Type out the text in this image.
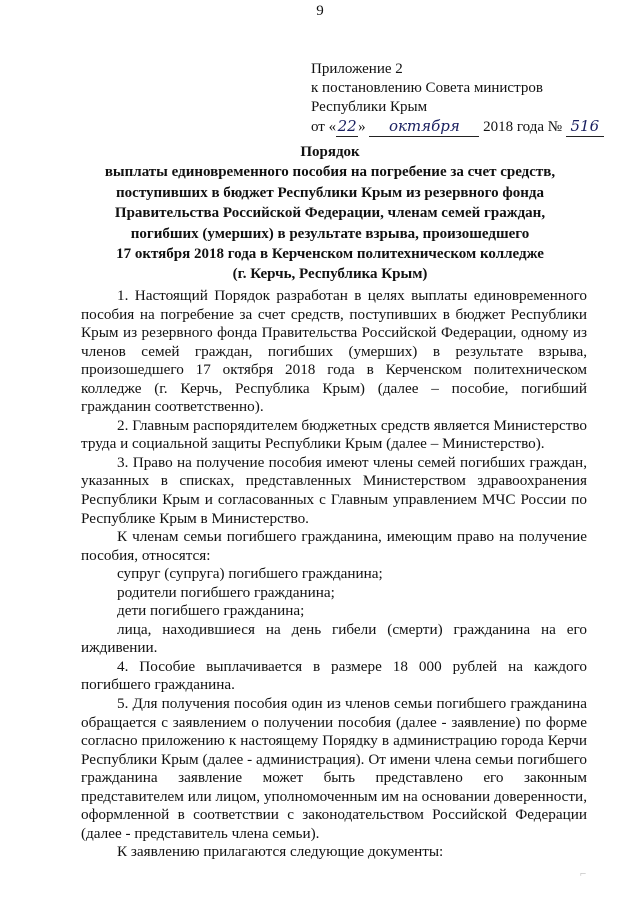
9
Приложение 2
к постановлению Совета министров
Республики Крым
от «22» октября 2018 года № 516
Порядок
выплаты единовременного пособия на погребение за счет средств,
поступивших в бюджет Республики Крым из резервного фонда
Правительства Российской Федерации, членам семей граждан,
погибших (умерших) в результате взрыва, произошедшего
17 октября 2018 года в Керченском политехническом колледже
(г. Керчь, Республика Крым)

1. Настоящий Порядок разработан в целях выплаты единовременного пособия на погребение за счет средств, поступивших в бюджет Республики Крым из резервного фонда Правительства Российской Федерации, одному из членов семей граждан, погибших (умерших) в результате взрыва, произошедшего 17 октября 2018 года в Керченском политехническом колледже (г. Керчь, Республика Крым) (далее – пособие, погибший гражданин соответственно).

2. Главным распорядителем бюджетных средств является Министерство труда и социальной защиты Республики Крым (далее – Министерство).

3. Право на получение пособия имеют члены семей погибших граждан, указанных в списках, представленных Министерством здравоохранения Республики Крым и согласованных с Главным управлением МЧС России по Республике Крым в Министерство.

К членам семьи погибшего гражданина, имеющим право на получение пособия, относятся:

супруг (супруга) погибшего гражданина;

родители погибшего гражданина;

дети погибшего гражданина;

лица, находившиеся на день гибели (смерти) гражданина на его иждивении.

4. Пособие выплачивается в размере 18 000 рублей на каждого погибшего гражданина.

5. Для получения пособия один из членов семьи погибшего гражданина обращается с заявлением о получении пособия (далее - заявление) по форме согласно приложению к настоящему Порядку в администрацию города Керчи Республики Крым (далее - администрация). От имени члена семьи погибшего гражданина заявление может быть представлено его законным представителем или лицом, уполномоченным им на основании доверенности, оформленной в соответствии с законодательством Российской Федерации (далее - представитель члена семьи).

К заявлению прилагаются следующие документы:

⌐
